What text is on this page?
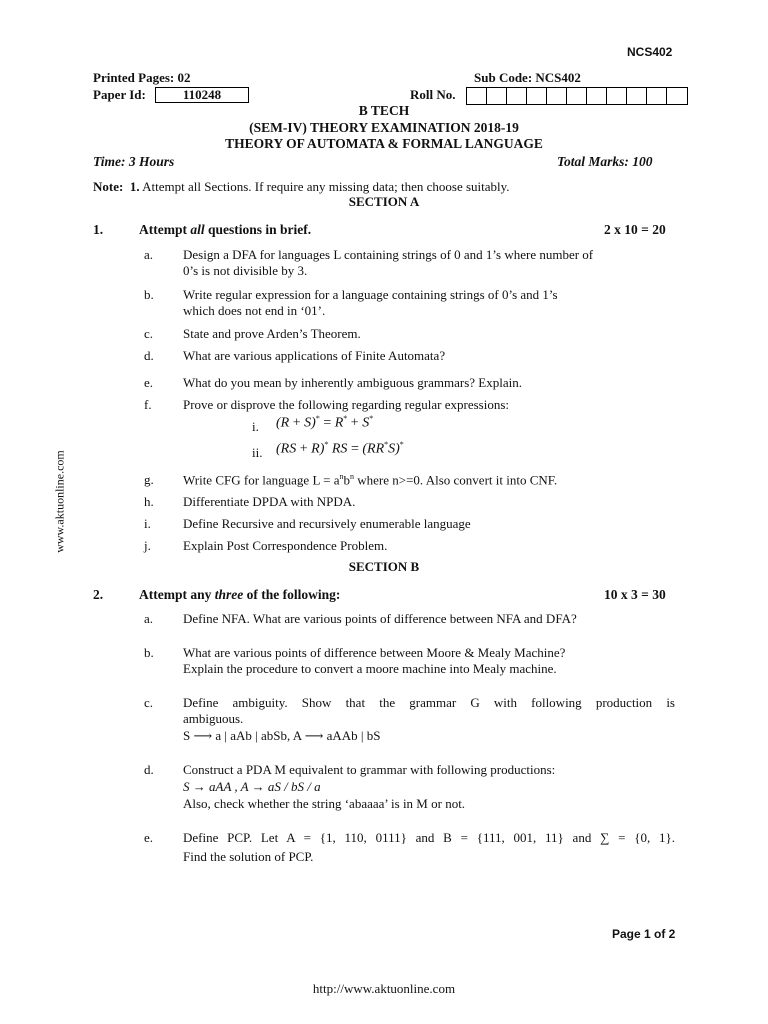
NCS402
Printed Pages: 02	Sub Code: NCS402
Paper Id:	110248	Roll No.
B TECH
(SEM-IV) THEORY EXAMINATION 2018-19
THEORY OF AUTOMATA & FORMAL LANGUAGE
Time: 3 Hours	Total Marks: 100
Note: 1. Attempt all Sections. If require any missing data; then choose suitably.
www.aktuonline.com
SECTION A
1.	Attempt all questions in brief.	2 x 10 = 20
a. Design a DFA for languages L containing strings of 0 and 1’s where number of
0’s is not divisible by 3.
b. Write regular expression for a language containing strings of 0’s and 1’s
which does not end in ‘01’.
c. State and prove Arden’s Theorem.
d. What are various applications of Finite Automata?
e. What do you mean by inherently ambiguous grammars? Explain.
f. Prove or disprove the following regarding regular expressions:
i. (R + S)* = R* + S*
ii. (RS + R)* RS = (RR*S)*
g. Write CFG for language $L = a^nb^n$ where n>=0. Also convert it into CNF.
h. Differentiate DPDA with NPDA.
i. Define Recursive and recursively enumerable language
j. Explain Post Correspondence Problem.
SECTION B
2.	Attempt any three of the following:	10 x 3 = 30
a. Define NFA. What are various points of difference between NFA and DFA?
b. What are various points of difference between Moore & Mealy Machine?
Explain the procedure to convert a moore machine into Mealy machine.
c. Define ambiguity. Show that the grammar G with following production is
ambiguous.
S ⟶ a | aAb | abSb, A ⟶ aAAb | bS
d. Construct a PDA M equivalent to grammar with following productions:
S → aAA , A → aS / bS / a
Also, check whether the string ‘abaaaa’ is in M or not.
e. Define PCP. Let A = {1, 110, 0111} and B = {111, 001, 11} and ∑ = {0, 1}.
Find the solution of PCP.
Page 1 of 2
http://www.aktuonline.com
